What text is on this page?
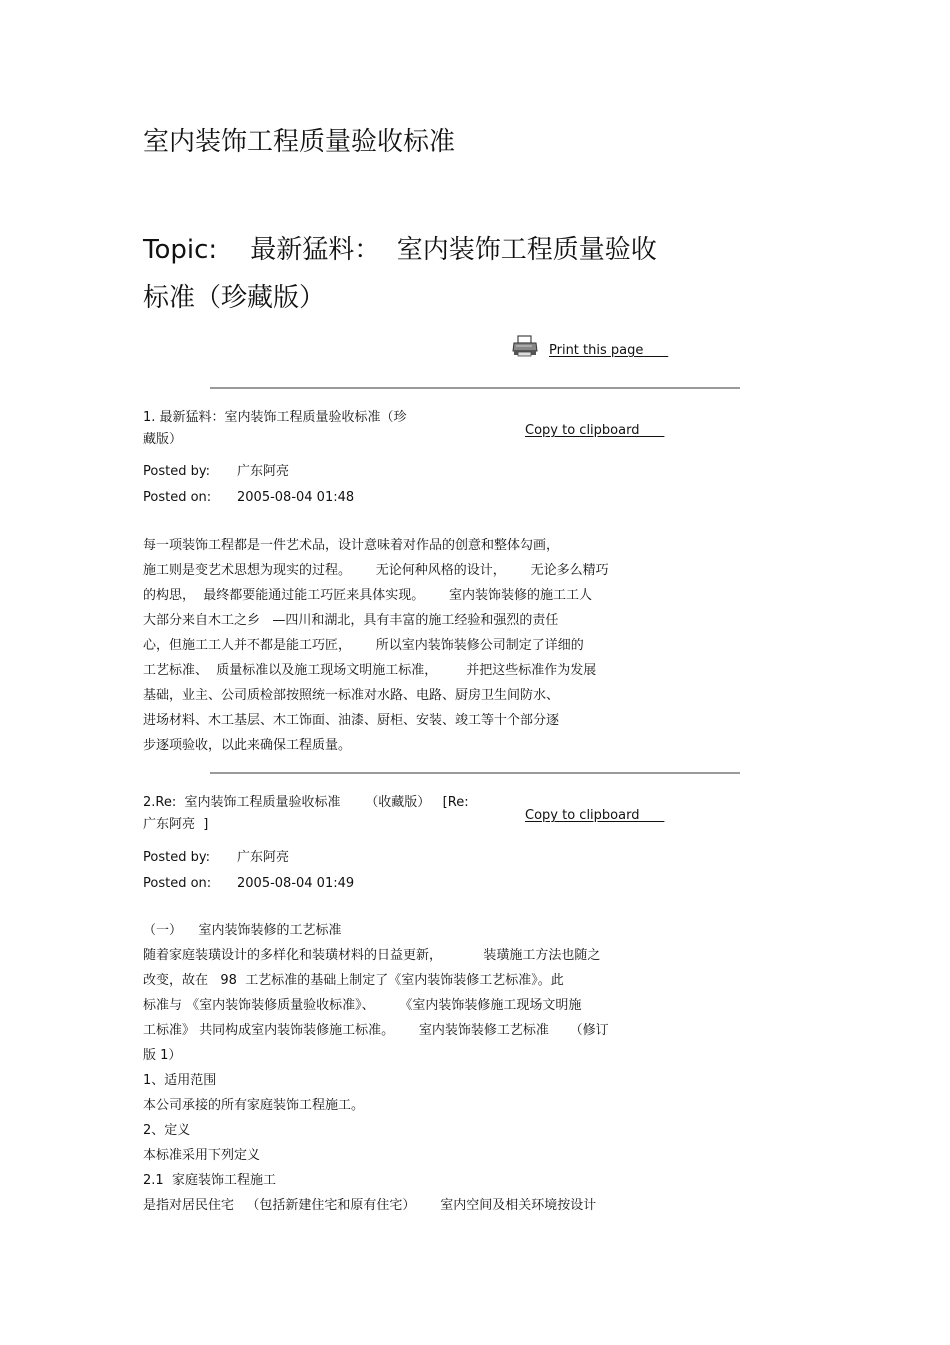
室内装饰工程质量验收标准
Topic:    最新猛料：  室内装饰工程质量验收
标准（珍藏版）
Print this page
1. 最新猛料：室内装饰工程质量验收标准（珍
藏版）
Copy to clipboard
Posted by: 广东阿亮
Posted on: 2005-08-04 01:48
每一项装饰工程都是一件艺术品，设计意味着对作品的创意和整体勾画，
施工则是变艺术思想为现实的过程。      无论何种风格的设计，      无论多么精巧
的构思，  最终都要能通过能工巧匠来具体实现。      室内装饰装修的施工工人
大部分来自木工之乡   —四川和湖北，具有丰富的施工经验和强烈的责任
心，但施工工人并不都是能工巧匠，      所以室内装饰装修公司制定了详细的
工艺标准、  质量标准以及施工现场文明施工标准，       并把这些标准作为发展
基础，业主、公司质检部按照统一标准对水路、电路、厨房卫生间防水、
进场材料、木工基层、木工饰面、油漆、厨柜、安装、竣工等十个部分逐
步逐项验收，以此来确保工程质量。
2.Re:  室内装饰工程质量验收标准      （收藏版）   [Re:
广东阿亮  ]
Copy to clipboard
Posted by: 广东阿亮
Posted on: 2005-08-04 01:49
（一）    室内装饰装修的工艺标准
随着家庭装璜设计的多样化和装璜材料的日益更新，          装璜施工方法也随之
改变，故在   98  工艺标准的基础上制定了《室内装饰装修工艺标准》。此
标准与 《室内装饰装修质量验收标准》、      《室内装饰装修施工现场文明施
工标准》 共同构成室内装饰装修施工标准。      室内装饰装修工艺标准     （修订
版 1）
1、适用范围
本公司承接的所有家庭装饰工程施工。
2、定义
本标准采用下列定义
2.1  家庭装饰工程施工
是指对居民住宅   （包括新建住宅和原有住宅）      室内空间及相关环境按设计
